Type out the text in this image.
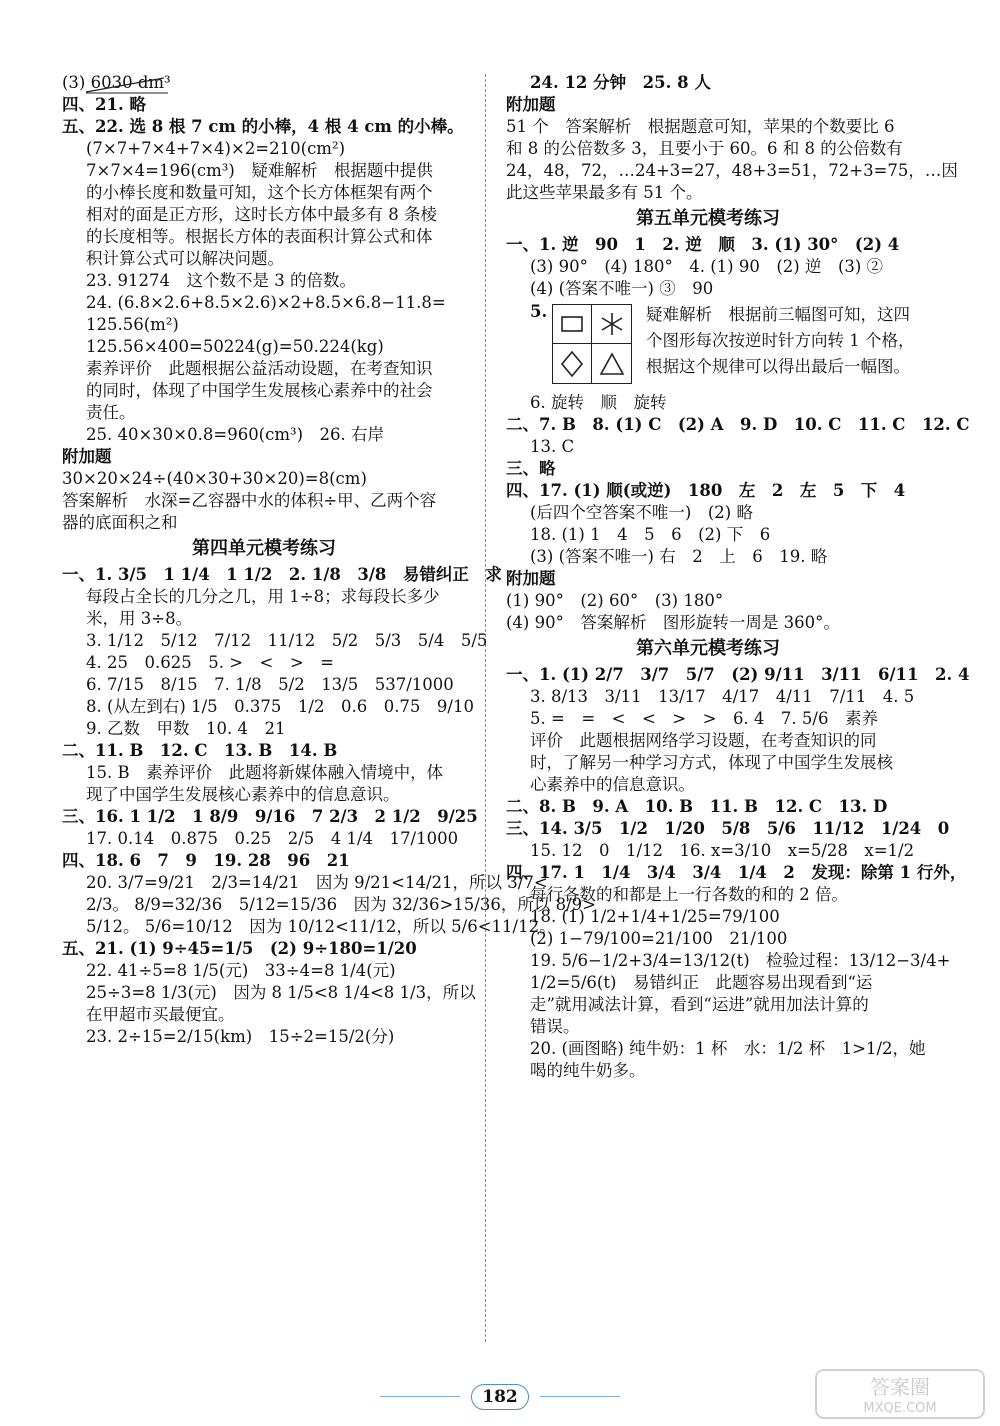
(3) 6030 dm³
四、21. 略
五、22. 选 8 根 7 cm 的小棒，4 根 4 cm 的小棒。
(7×7+7×4+7×4)×2=210(cm²)
7×7×4=196(cm³)　疑难解析　根据题中提供
的小棒长度和数量可知，这个长方体框架有两个
相对的面是正方形，这时长方体中最多有 8 条棱
的长度相等。根据长方体的表面积计算公式和体
积计算公式可以解决问题。
23. 91274　这个数不是 3 的倍数。
24. (6.8×2.6+8.5×2.6)×2+8.5×6.8−11.8=
125.56(m²)
125.56×400=50224(g)=50.224(kg)
素养评价　此题根据公益活动设题，在考查知识
的同时，体现了中国学生发展核心素养中的社会
责任。
25. 40×30×0.8=960(cm³)　26. 右岸
附加题
30×20×24÷(40×30+30×20)=8(cm)
答案解析　水深=乙容器中水的体积÷甲、乙两个容
器的底面积之和
第四单元模考练习
一、1. 3/5　1 1/4　1 1/2　2. 1/8　3/8　易错纠正　求
每段占全长的几分之几，用 1÷8；求每段长多少
米，用 3÷8。
3. 1/12　5/12　7/12　11/12　5/2　5/3　5/4　5/5
4. 25　0.625　5. >　<　>　=
6. 7/15　8/15　7. 1/8　5/2　13/5　537/1000
8. (从左到右) 1/5　0.375　1/2　0.6　0.75　9/10
9. 乙数　甲数　10. 4　21
二、11. B　12. C　13. B　14. B
15. B　素养评价　此题将新媒体融入情境中，体
现了中国学生发展核心素养中的信息意识。
三、16. 1 1/2　1 8/9　9/16　7 2/3　2 1/2　9/25
17. 0.14　0.875　0.25　2/5　4 1/4　17/1000
四、18. 6　7　9　19. 28　96　21
20. 3/7=9/21　2/3=14/21　因为 9/21<14/21，所以 3/7<
2/3。 8/9=32/36　5/12=15/36　因为 32/36>15/36，所以 8/9>
5/12。 5/6=10/12　因为 10/12<11/12，所以 5/6<11/12。
五、21. (1) 9÷45=1/5　(2) 9÷180=1/20
22. 41÷5=8 1/5(元)　33÷4=8 1/4(元)
25÷3=8 1/3(元)　因为 8 1/5<8 1/4<8 1/3，所以
在甲超市买最便宜。
23. 2÷15=2/15(km)　15÷2=15/2(分)
24. 12 分钟　25. 8 人
附加题
51 个　答案解析　根据题意可知，苹果的个数要比 6
和 8 的公倍数多 3，且要小于 60。6 和 8 的公倍数有
24，48，72，…24+3=27，48+3=51，72+3=75，…因
此这些苹果最多有 51 个。
第五单元模考练习
一、1. 逆　90　1　2. 逆　顺　3. (1) 30°　(2) 4
(3) 90°　(4) 180°　4. (1) 90　(2) 逆　(3) ②
(4) (答案不唯一) ③　90
5.	疑难解析　根据前三幅图可知，这四
个图形每次按逆时针方向转 1 个格，
根据这个规律可以得出最后一幅图。
6. 旋转　顺　旋转
二、7. B　8. (1) C　(2) A　9. D　10. C　11. C　12. C
13. C
三、略
四、17. (1) 顺(或逆)　180　左　2　左　5　下　4
(后四个空答案不唯一)　(2) 略
18. (1) 1　4　5　6　(2) 下　6
(3) (答案不唯一) 右　2　上　6　19. 略
附加题
(1) 90°　(2) 60°　(3) 180°
(4) 90°　答案解析　图形旋转一周是 360°。
第六单元模考练习
一、1. (1) 2/7　3/7　5/7　(2) 9/11　3/11　6/11　2. 4
3. 8/13　3/11　13/17　4/17　4/11　7/11　4. 5
5. =　=　<　<　>　>　6. 4　7. 5/6　素养
评价　此题根据网络学习设题，在考查知识的同
时，了解另一种学习方式，体现了中国学生发展核
心素养中的信息意识。
二、8. B　9. A　10. B　11. B　12. C　13. D
三、14. 3/5　1/2　1/20　5/8　5/6　11/12　1/24　0
15. 12　0　1/12　16. x=3/10　x=5/28　x=1/2
四、17. 1　1/4　3/4　3/4　1/4　2　发现：除第 1 行外，
每行各数的和都是上一行各数的和的 2 倍。
18. (1) 1/2+1/4+1/25=79/100
(2) 1−79/100=21/100　21/100
19. 5/6−1/2+3/4=13/12(t)　检验过程：13/12−3/4+
1/2=5/6(t)　易错纠正　此题容易出现看到“运
走”就用减法计算，看到“运进”就用加法计算的
错误。
20. (画图略) 纯牛奶：1 杯　水：1/2 杯　1>1/2，她
喝的纯牛奶多。
182	答案圈
MXQE.COM
